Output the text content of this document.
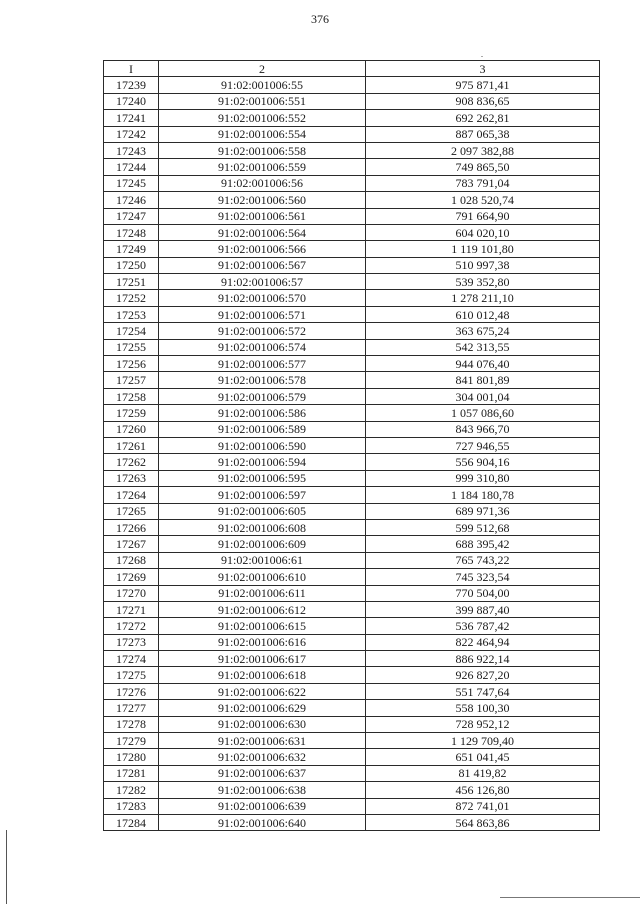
376
.
I	2	3
17239	91:02:001006:55	975 871,41
17240	91:02:001006:551	908 836,65
17241	91:02:001006:552	692 262,81
17242	91:02:001006:554	887 065,38
17243	91:02:001006:558	2 097 382,88
17244	91:02:001006:559	749 865,50
17245	91:02:001006:56	783 791,04
17246	91:02:001006:560	1 028 520,74
17247	91:02:001006:561	791 664,90
17248	91:02:001006:564	604 020,10
17249	91:02:001006:566	1 119 101,80
17250	91:02:001006:567	510 997,38
17251	91:02:001006:57	539 352,80
17252	91:02:001006:570	1 278 211,10
17253	91:02:001006:571	610 012,48
17254	91:02:001006:572	363 675,24
17255	91:02:001006:574	542 313,55
17256	91:02:001006:577	944 076,40
17257	91:02:001006:578	841 801,89
17258	91:02:001006:579	304 001,04
17259	91:02:001006:586	1 057 086,60
17260	91:02:001006:589	843 966,70
17261	91:02:001006:590	727 946,55
17262	91:02:001006:594	556 904,16
17263	91:02:001006:595	999 310,80
17264	91:02:001006:597	1 184 180,78
17265	91:02:001006:605	689 971,36
17266	91:02:001006:608	599 512,68
17267	91:02:001006:609	688 395,42
17268	91:02:001006:61	765 743,22
17269	91:02:001006:610	745 323,54
17270	91:02:001006:611	770 504,00
17271	91:02:001006:612	399 887,40
17272	91:02:001006:615	536 787,42
17273	91:02:001006:616	822 464,94
17274	91:02:001006:617	886 922,14
17275	91:02:001006:618	926 827,20
17276	91:02:001006:622	551 747,64
17277	91:02:001006:629	558 100,30
17278	91:02:001006:630	728 952,12
17279	91:02:001006:631	1 129 709,40
17280	91:02:001006:632	651 041,45
17281	91:02:001006:637	81 419,82
17282	91:02:001006:638	456 126,80
17283	91:02:001006:639	872 741,01
17284	91:02:001006:640	564 863,86
